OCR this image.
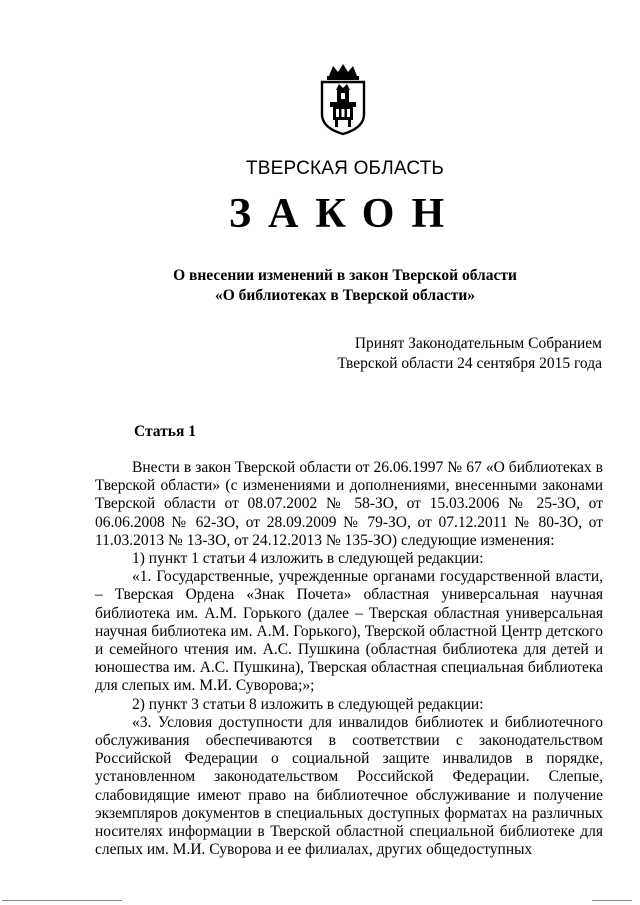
ТВЕРСКАЯ ОБЛАСТЬ
ЗАКОН
О внесении изменений в закон Тверской области
«О библиотеках в Тверской области»
Принят Законодательным Собранием
Тверской области 24 сентября 2015 года
Статья 1

Внести в закон Тверской области от 26.06.1997 № 67 «О библиотеках в Тверской области» (с изменениями и дополнениями, внесенными законами Тверской области от 08.07.2002 № 58-ЗО, от 15.03.2006 № 25-ЗО, от 06.06.2008 № 62-ЗО, от 28.09.2009 № 79-ЗО, от 07.12.2011 № 80-ЗО, от 11.03.2013 № 13-ЗО, от 24.12.2013 № 135-ЗО) следующие изменения:

1) пункт 1 статьи 4 изложить в следующей редакции:

«1. Государственные, учрежденные органами государственной власти, – Тверская Ордена «Знак Почета» областная универсальная научная библиотека им. А.М. Горького (далее – Тверская областная универсальная научная библиотека им. А.М. Горького), Тверской областной Центр детского и семейного чтения им. А.С. Пушкина (областная библиотека для детей и юношества им. А.С. Пушкина), Тверская областная специальная библиотека для слепых им. М.И. Суворова;»;

2) пункт 3 статьи 8 изложить в следующей редакции:

«3. Условия доступности для инвалидов библиотек и библиотечного обслуживания обеспечиваются в соответствии с законодательством Российской Федерации о социальной защите инвалидов в порядке, установленном законодательством Российской Федерации. Слепые, слабовидящие имеют право на библиотечное обслуживание и получение экземпляров документов в специальных доступных форматах на различных носителях информации в Тверской областной специальной библиотеке для слепых им. М.И. Суворова и ее филиалах, других общедоступных
